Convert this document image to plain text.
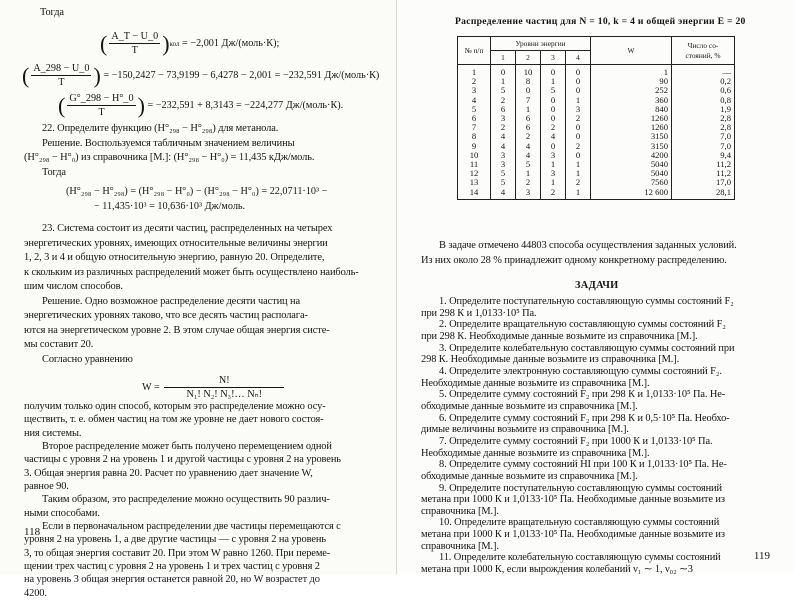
Тогда
( $\frac{A\_T - U\_0}{T} )кол = -2,001$ Дж/(моль·К);
( $\frac{A\_298 - U\_0}{T}$ ) = −150,2427 − 73,9199 − 6,4278 − 2,001 = −232,591 Дж/(моль·К)
( $\frac{G^\circ\_298 - H^\circ\_0}{T}$ ) = −232,591 + 8,3143 = −224,277 Дж/(моль·К).
22. Определите функцию (H°₂₉₈ − H°₂₉₈) для метанола.
Решение. Воспользуемся табличным значением величины
(H°₂₉₈ − H°₀) из справочника [М.]: (H°₂₉₈ − H°₀) = 11,435 кДж/моль.
Тогда
(H°₂₉₈ − H°₂₉₈) = (H°₂₉₈ − H°₀) − (H°₂₉₈ − H°₀) = 22,0711·10³ −
− 11,435·10³ = 10,636·10³ Дж/моль.
23. Система состоит из десяти частиц, распределенных на четырех
энергетических уровнях, имеющих относительные величины энергии
1, 2, 3 и 4 и общую относительную энергию, равную 20. Определите,
к скольким из различных распределений может быть осуществлено наиболь-
шим числом способов.
Решение. Одно возможное распределение десяти частиц на
энергетических уровнях таково, что все десять частиц располага-
ются на энергетическом уровне 2. В этом случае общая энергия систе-
мы составит 20.
Согласно уравнению
$W = \frac{N!}{\text{N₁! N₂! N₃!… Nₙ!}}$
получим только один способ, которым это распределение можно осу-
ществить, т. е. обмен частиц на том же уровне не дает нового состоя-
ния системы.
Второе распределение может быть получено перемещением одной
частицы с уровня 2 на уровень 1 и другой частицы с уровня 2 на уровень
3. Общая энергия равна 20. Расчет по уравнению дает значение W,
равное 90.
Таким образом, это распределение можно осуществить 90 различ-
ными способами.
Если в первоначальном распределении две частицы перемещаются с
уровня 2 на уровень 1, а две другие частицы — с уровня 2 на уровень
3, то общая энергия составит 20. При этом W равно 1260. При переме-
щении трех частиц с уровня 2 на уровень 1 и трех частиц с уровня 2
на уровень 3 общая энергия останется равной 20, но W возрастет до
4200.
118
Распределение частиц для N = 10, k = 4 и общей энергии E = 20
№ п/п	Уровни энергии				W	Число со-стояний, %
	1	2	3	4		
1	0	10	0	0	1	—
2	1	8	1	0	90	0,2
3	5	0	5	0	252	0,6
4	2	7	0	1	360	0,8
5	6	1	0	3	840	1,9
6	3	6	0	2	1260	2,8
7	2	6	2	0	1260	2,8
8	4	2	4	0	3150	7,0
9	4	4	0	2	3150	7,0
10	3	4	3	0	4200	9,4
11	3	5	1	1	5040	11,2
12	5	1	3	1	5040	11,2
13	5	2	1	2	7560	17,0
14	4	3	2	1	12 600	28,1
В задаче отмечено 44803 способа осуществления заданных условий.
Из них около 28 % принадлежит одному конкретному распределению.
ЗАДАЧИ
1. Определите поступательную составляющую суммы состояний F₂
при 298 К и 1,0133·10⁵ Па.
2. Определите вращательную составляющую суммы состояний F₂
при 298 К. Необходимые данные возьмите из справочника [М.].
3. Определите колебательную составляющую суммы состояний при
298 К. Необходимые данные возьмите из справочника [М.].
4. Определите электронную составляющую суммы состояний F₂.
Необходимые данные возьмите из справочника [М.].
5. Определите сумму состояний F₂ при 298 К и 1,0133·10⁵ Па. Не-
обходимые данные возьмите из справочника [М.].
6. Определите сумму состояний F₂ при 298 К и 0,5·10⁵ Па. Необхо-
димые величины возьмите из справочника [М.].
7. Определите сумму состояний F₂ при 1000 К и 1,0133·10⁵ Па.
Необходимые данные возьмите из справочника [М.].
8. Определите сумму состояний HI при 100 К и 1,0133·10⁵ Па. Не-
обходимые данные возьмите из справочника [М.].
9. Определите поступательную составляющую суммы состояний
метана при 1000 К и 1,0133·10⁵ Па. Необходимые данные возьмите из
справочника [М.].
10. Определите вращательную составляющую суммы состояний
метана при 1000 К и 1,0133·10⁵ Па. Необходимые данные возьмите из
справочника [М.].
11. Определите колебательную составляющую суммы состояний
метана при 1000 К, если вырождения колебаний ν₁ ∼ 1, ν₀₂ ∼3
119
